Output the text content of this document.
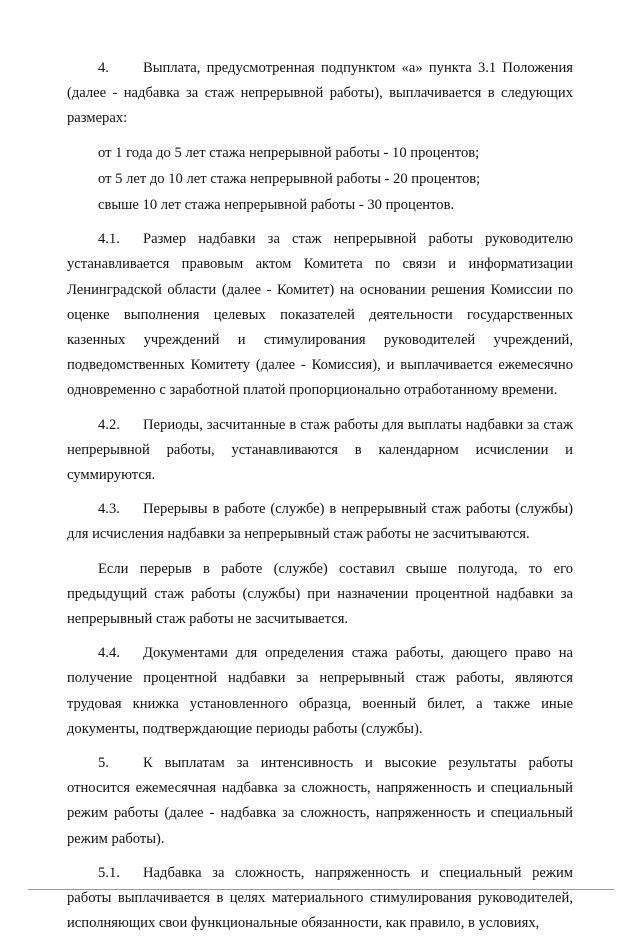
4. Выплата, предусмотренная подпунктом «а» пункта 3.1 Положения (далее - надбавка за стаж непрерывной работы), выплачивается в следующих размерах:

от 1 года до 5 лет стажа непрерывной работы - 10 процентов;
от 5 лет до 10 лет стажа непрерывной работы - 20 процентов;
свыше 10 лет стажа непрерывной работы - 30 процентов.

4.1. Размер надбавки за стаж непрерывной работы руководителю устанавливается правовым актом Комитета по связи и информатизации Ленинградской области (далее - Комитет) на основании решения Комиссии по оценке выполнения целевых показателей деятельности государственных казенных учреждений и стимулирования руководителей учреждений, подведомственных Комитету (далее - Комиссия), и выплачивается ежемесячно одновременно с заработной платой пропорционально отработанному времени.

4.2. Периоды, засчитанные в стаж работы для выплаты надбавки за стаж непрерывной работы, устанавливаются в календарном исчислении и суммируются.

4.3. Перерывы в работе (службе) в непрерывный стаж работы (службы) для исчисления надбавки за непрерывный стаж работы не засчитываются.

Если перерыв в работе (службе) составил свыше полугода, то его предыдущий стаж работы (службы) при назначении процентной надбавки за непрерывный стаж работы не засчитывается.

4.4. Документами для определения стажа работы, дающего право на получение процентной надбавки за непрерывный стаж работы, являются трудовая книжка установленного образца, военный билет, а также иные документы, подтверждающие периоды работы (службы).

5. К выплатам за интенсивность и высокие результаты работы относится ежемесячная надбавка за сложность, напряженность и специальный режим работы (далее - надбавка за сложность, напряженность и специальный режим работы).

5.1. Надбавка за сложность, напряженность и специальный режим работы выплачивается в целях материального стимулирования руководителей, исполняющих свои функциональные обязанности, как правило, в условиях,
